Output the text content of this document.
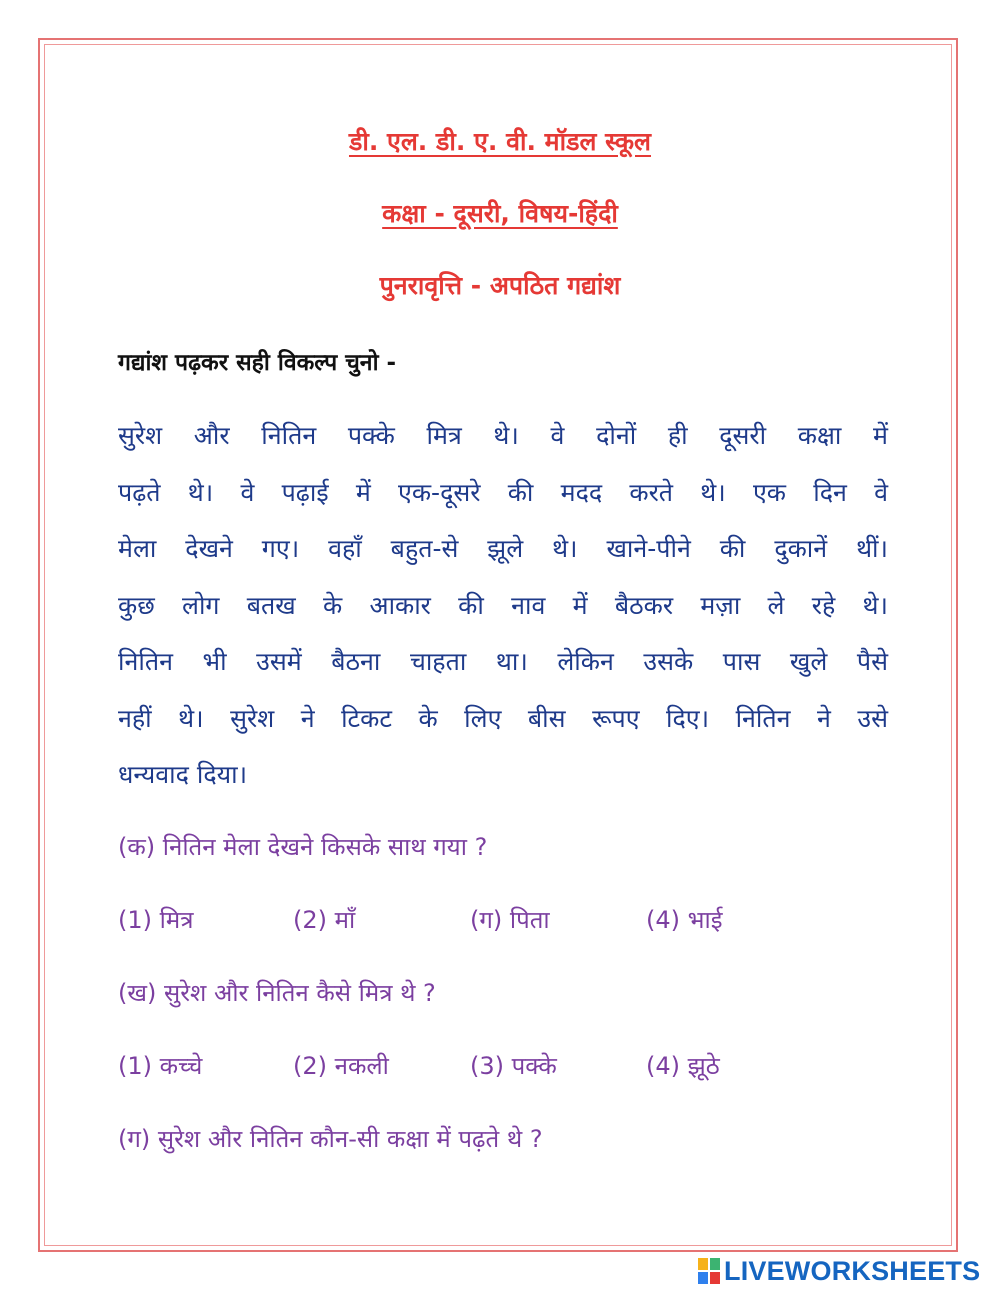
डी. एल. डी. ए. वी. मॉडल स्कूल
कक्षा - दूसरी, विषय-हिंदी
पुनरावृत्ति - अपठित गद्यांश

गद्यांश पढ़कर सही विकल्प चुनो -

सुरेश और नितिन पक्के मित्र थे। वे दोनों ही दूसरी कक्षा में
पढ़ते थे। वे पढ़ाई में एक-दूसरे की मदद करते थे। एक दिन वे
मेला देखने गए। वहाँ बहुत-से झूले थे। खाने-पीने की दुकानें थीं।
कुछ लोग बतख के आकार की नाव में बैठकर मज़ा ले रहे थे।
नितिन भी उसमें बैठना चाहता था। लेकिन उसके पास खुले पैसे
नहीं थे। सुरेश ने टिकट के लिए बीस रूपए दिए। नितिन ने उसे
धन्यवाद दिया।

(क) नितिन मेला देखने किसके साथ गया ?

(1) मित्र	(2) माँ	(ग) पिता	(4) भाई

(ख) सुरेश और नितिन कैसे मित्र थे ?

(1) कच्चे	(2) नकली	(3) पक्के	(4) झूठे

(ग) सुरेश और नितिन कौन-सी कक्षा में पढ़ते थे ?

LIVEWORKSHEETS
